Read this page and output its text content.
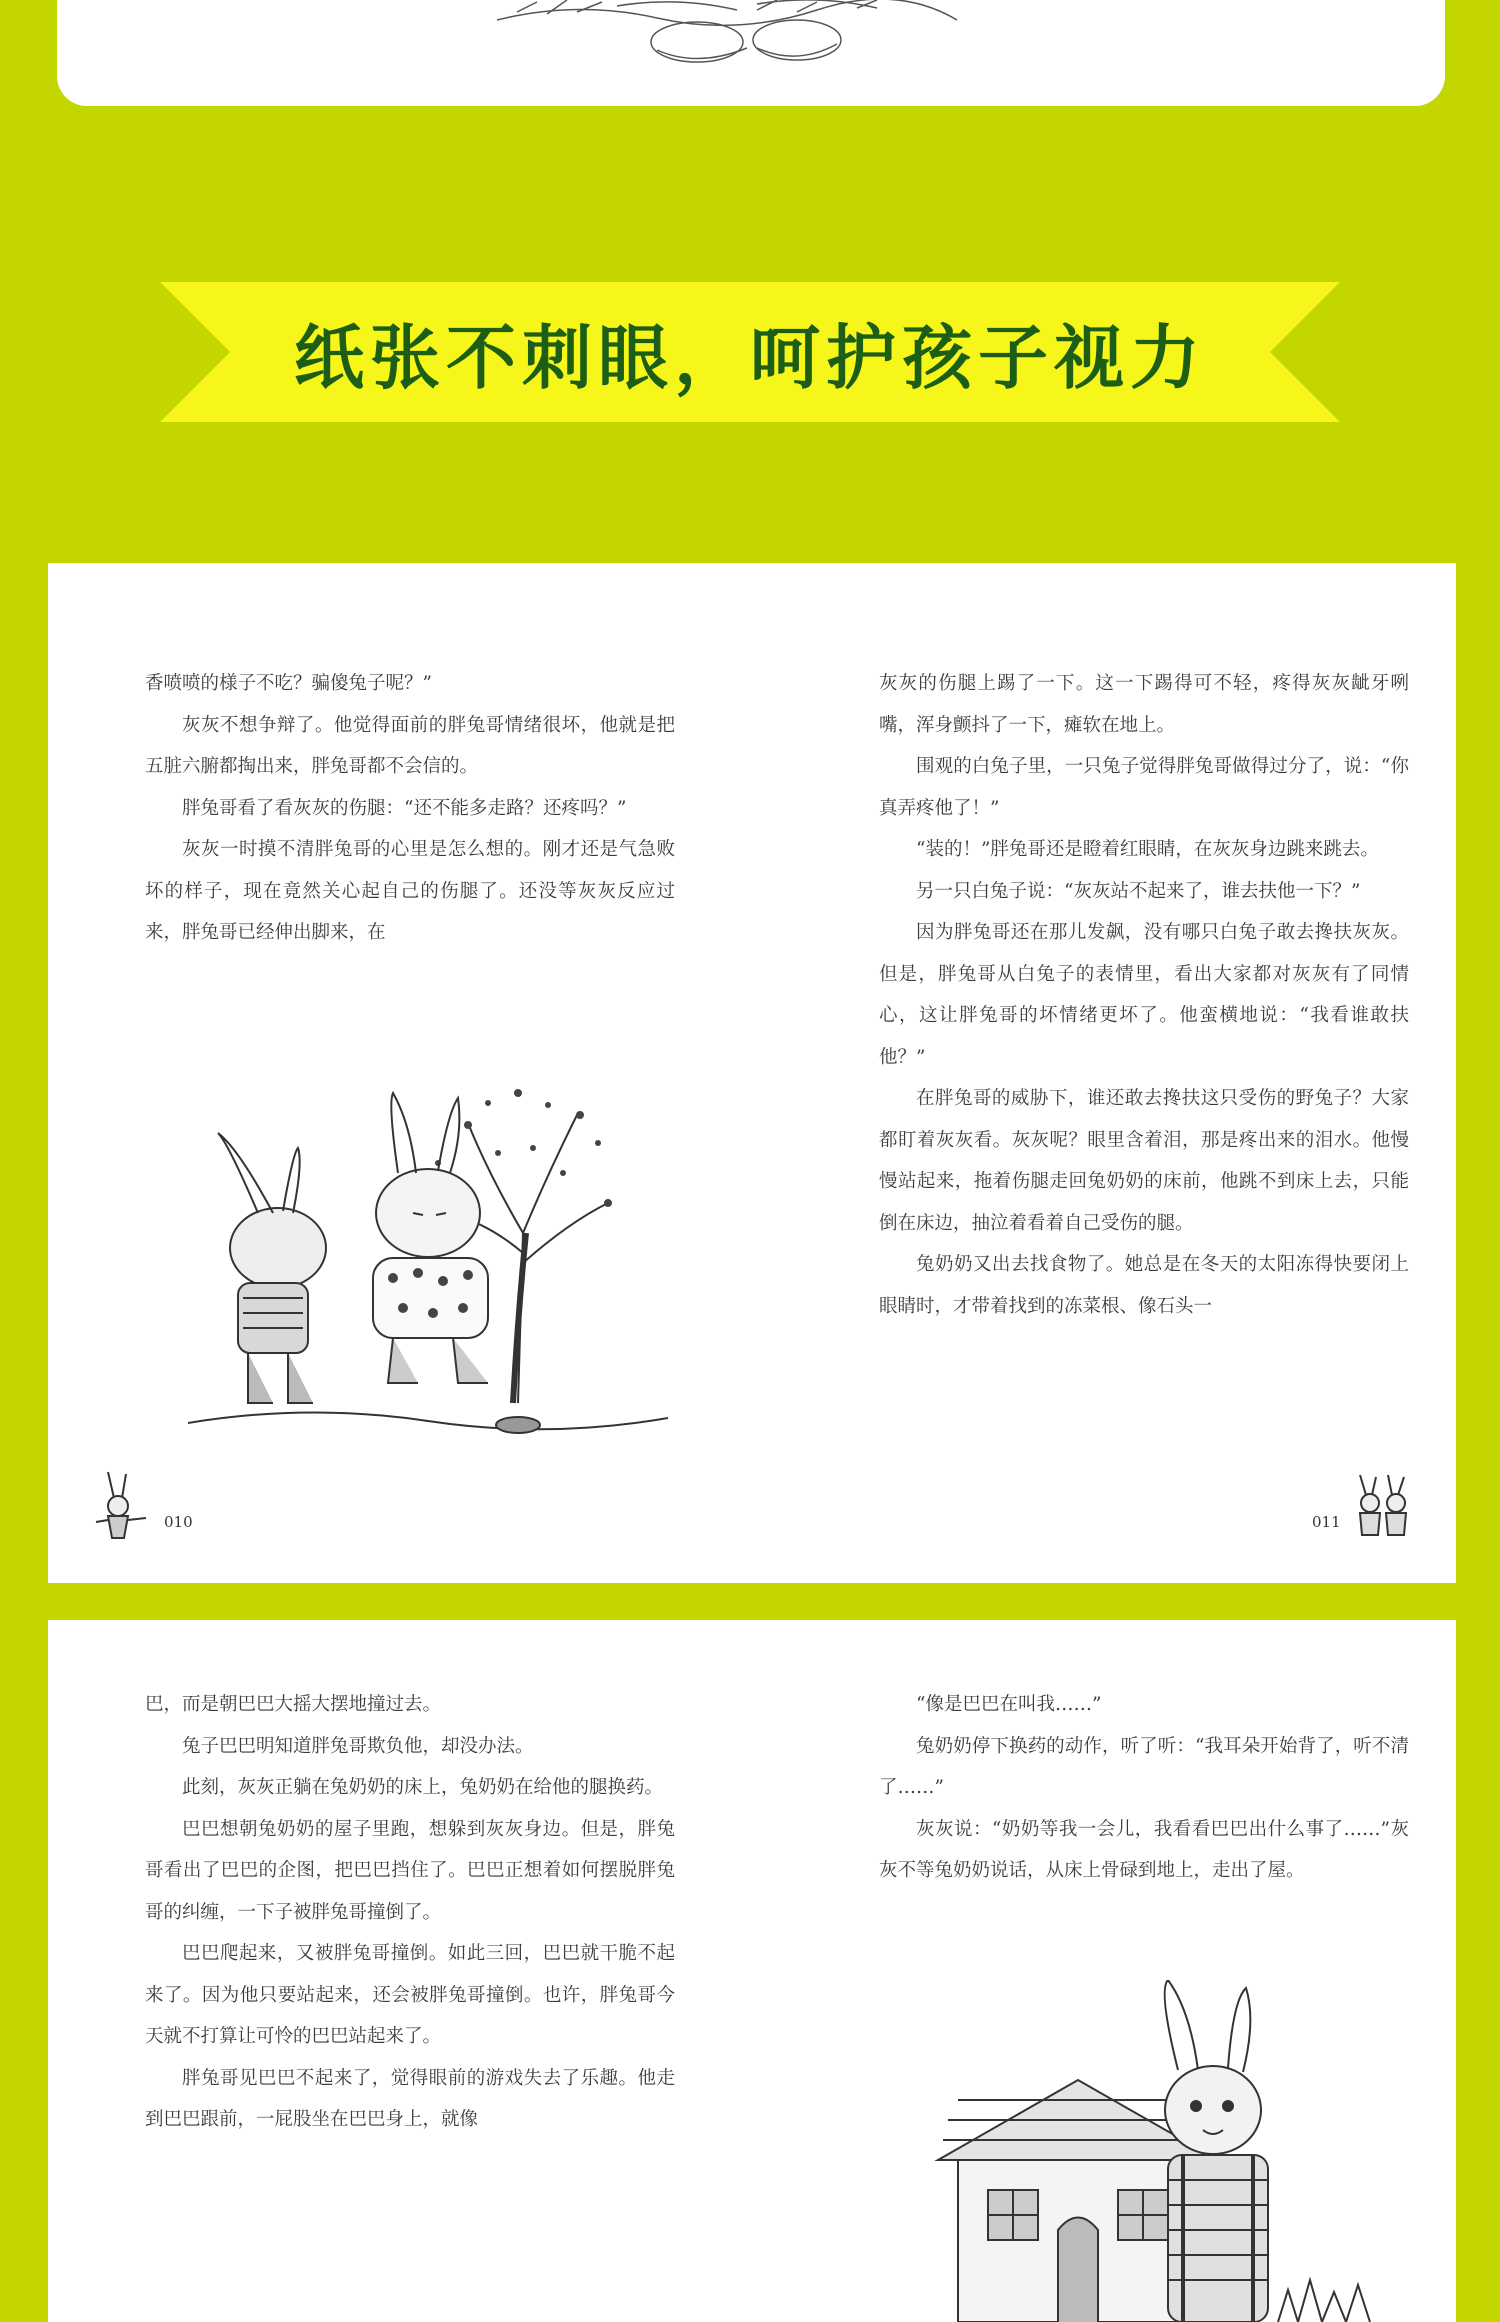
纸张不刺眼，呵护孩子视力

香喷喷的様子不吃？骗傻兔子呢？”

灰灰不想争辩了。他觉得面前的胖兔哥情绪很坏，他就是把五脏六腑都掏出来，胖兔哥都不会信的。

胖兔哥看了看灰灰的伤腿：“还不能多走路？还疼吗？”

灰灰一时摸不清胖兔哥的心里是怎么想的。刚才还是气急败坏的样子，现在竟然关心起自己的伤腿了。还没等灰灰反应过来，胖兔哥已经伸出脚来，在

灰灰的伤腿上踢了一下。这一下踢得可不轻，疼得灰灰龇牙咧嘴，浑身颤抖了一下，瘫软在地上。

围观的白兔子里，一只兔子觉得胖兔哥做得过分了，说：“你真弄疼他了！”

“装的！”胖兔哥还是瞪着红眼睛，在灰灰身边跳来跳去。

另一只白兔子说：“灰灰站不起来了，谁去扶他一下？”

因为胖兔哥还在那儿发飙，没有哪只白兔子敢去搀扶灰灰。但是，胖兔哥从白兔子的表情里，看出大家都对灰灰有了同情心，这让胖兔哥的坏情绪更坏了。他蛮横地说：“我看谁敢扶他？”

在胖兔哥的威胁下，谁还敢去搀扶这只受伤的野兔子？大家都盯着灰灰看。灰灰呢？眼里含着泪，那是疼出来的泪水。他慢慢站起来，拖着伤腿走回兔奶奶的床前，他跳不到床上去，只能倒在床边，抽泣着看着自己受伤的腿。

兔奶奶又出去找食物了。她总是在冬天的太阳冻得快要闭上眼睛时，才带着找到的冻菜根、像石头一

010	011

巴，而是朝巴巴大摇大摆地撞过去。

兔子巴巴明知道胖兔哥欺负他，却没办法。

此刻，灰灰正躺在兔奶奶的床上，兔奶奶在给他的腿换药。

巴巴想朝兔奶奶的屋子里跑，想躲到灰灰身边。但是，胖兔哥看出了巴巴的企图，把巴巴挡住了。巴巴正想着如何摆脱胖兔哥的纠缠，一下子被胖兔哥撞倒了。

巴巴爬起来，又被胖兔哥撞倒。如此三回，巴巴就干脆不起来了。因为他只要站起来，还会被胖兔哥撞倒。也许，胖兔哥今天就不打算让可怜的巴巴站起来了。

胖兔哥见巴巴不起来了，觉得眼前的游戏失去了乐趣。他走到巴巴跟前，一屁股坐在巴巴身上，就像

“像是巴巴在叫我……”

兔奶奶停下换药的动作，听了听：“我耳朵开始背了，听不清了……”

灰灰说：“奶奶等我一会儿，我看看巴巴出什么事了……”灰灰不等兔奶奶说话，从床上骨碌到地上，走出了屋。
